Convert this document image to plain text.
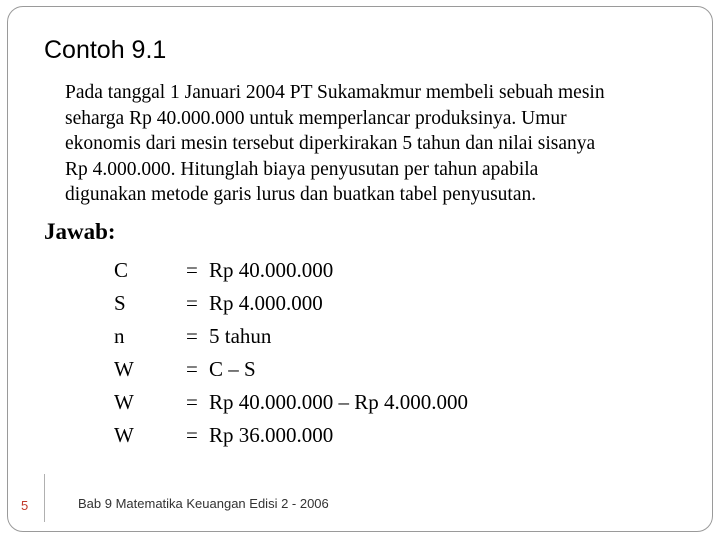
Contoh 9.1
Pada tanggal 1 Januari 2004 PT Sukamakmur membeli sebuah mesin
seharga Rp 40.000.000 untuk memperlancar produksinya. Umur
ekonomis dari mesin tersebut diperkirakan 5 tahun dan nilai sisanya
Rp 4.000.000. Hitunglah biaya penyusutan per tahun apabila
digunakan metode garis lurus dan buatkan tabel penyusutan.
Jawab:
C	= Rp 40.000.000
S	= Rp 4.000.000
n	= 5 tahun
W	= C – S
W	= Rp 40.000.000 – Rp 4.000.000
W	= Rp 36.000.000
5	Bab 9 Matematika Keuangan Edisi 2 - 2006
